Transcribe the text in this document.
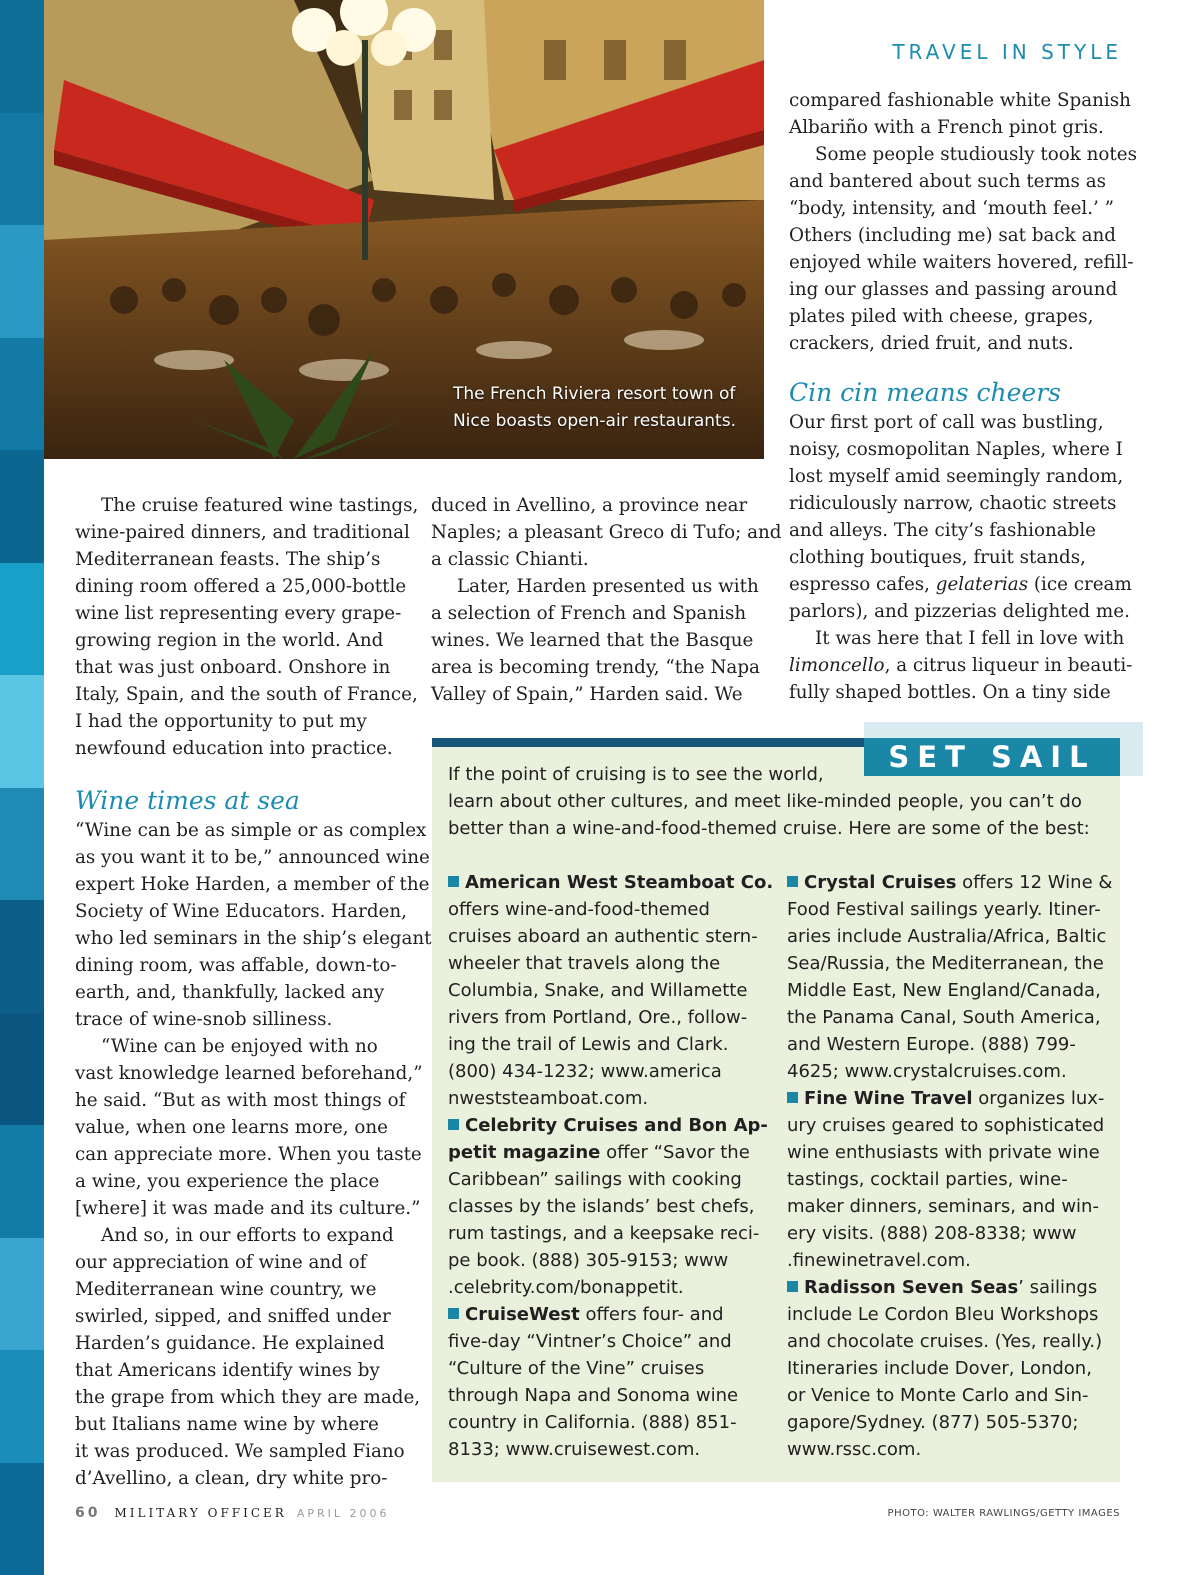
The French Riviera resort town of
Nice boasts open-air restaurants.
TRAVEL IN STYLE

The cruise featured wine tastings,
wine-paired dinners, and traditional
Mediterranean feasts. The ship’s
dining room offered a 25,000-bottle
wine list representing every grape-
growing region in the world. And
that was just onboard. Onshore in
Italy, Spain, and the south of France,
I had the opportunity to put my
newfound education into practice.

Wine times at sea

“Wine can be as simple or as complex
as you want it to be,” announced wine
expert Hoke Harden, a member of the
Society of Wine Educators. Harden,
who led seminars in the ship’s elegant
dining room, was affable, down-to-
earth, and, thankfully, lacked any
trace of wine-snob silliness.

“Wine can be enjoyed with no
vast knowledge learned beforehand,”
he said. “But as with most things of
value, when one learns more, one
can appreciate more. When you taste
a wine, you experience the place
[where] it was made and its culture.”

And so, in our efforts to expand
our appreciation of wine and of
Mediterranean wine country, we
swirled, sipped, and sniffed under
Harden’s guidance. He explained
that Americans identify wines by
the grape from which they are made,
but Italians name wine by where
it was produced. We sampled Fiano
d’Avellino, a clean, dry white pro-

duced in Avellino, a province near
Naples; a pleasant Greco di Tufo; and
a classic Chianti.

Later, Harden presented us with
a selection of French and Spanish
wines. We learned that the Basque
area is becoming trendy, “the Napa
Valley of Spain,” Harden said. We

compared fashionable white Spanish
Albariño with a French pinot gris.

Some people studiously took notes
and bantered about such terms as
“body, intensity, and ‘mouth feel.’ ”
Others (including me) sat back and
enjoyed while waiters hovered, refill-
ing our glasses and passing around
plates piled with cheese, grapes,
crackers, dried fruit, and nuts.

Cin cin means cheers

Our first port of call was bustling,
noisy, cosmopolitan Naples, where I
lost myself amid seemingly random,
ridiculously narrow, chaotic streets
and alleys. The city’s fashionable
clothing boutiques, fruit stands,
espresso cafes, gelaterias (ice cream
parlors), and pizzerias delighted me.

It was here that I fell in love with
limoncello, a citrus liqueur in beauti-
fully shaped bottles. On a tiny side

SET SAIL
If the point of cruising is to see the world,
learn about other cultures, and meet like-minded people, you can’t do
better than a wine-and-food-themed cruise. Here are some of the best:
American West Steamboat Co.
offers wine-and-food-themed
cruises aboard an authentic stern-
wheeler that travels along the
Columbia, Snake, and Willamette
rivers from Portland, Ore., follow-
ing the trail of Lewis and Clark.
(800) 434-1232; www.america
nweststeamboat.com.
Celebrity Cruises and Bon Ap-
petit magazine offer “Savor the
Caribbean” sailings with cooking
classes by the islands’ best chefs,
rum tastings, and a keepsake reci-
pe book. (888) 305-9153; www
.celebrity.com/bonappetit.
CruiseWest offers four- and
five-day “Vintner’s Choice” and
“Culture of the Vine” cruises
through Napa and Sonoma wine
country in California. (888) 851-
8133; www.cruisewest.com.
Crystal Cruises offers 12 Wine &
Food Festival sailings yearly. Itiner-
aries include Australia/Africa, Baltic
Sea/Russia, the Mediterranean, the
Middle East, New England/Canada,
the Panama Canal, South America,
and Western Europe. (888) 799-
4625; www.crystalcruises.com.
Fine Wine Travel organizes lux-
ury cruises geared to sophisticated
wine enthusiasts with private wine
tastings, cocktail parties, wine-
maker dinners, seminars, and win-
ery visits. (888) 208-8338; www
.finewinetravel.com.
Radisson Seven Seas’ sailings
include Le Cordon Bleu Workshops
and chocolate cruises. (Yes, really.)
Itineraries include Dover, London,
or Venice to Monte Carlo and Sin-
gapore/Sydney. (877) 505-5370;
www.rssc.com.
60 MILITARY OFFICER APRIL 2006	PHOTO: WALTER RAWLINGS/GETTY IMAGES
